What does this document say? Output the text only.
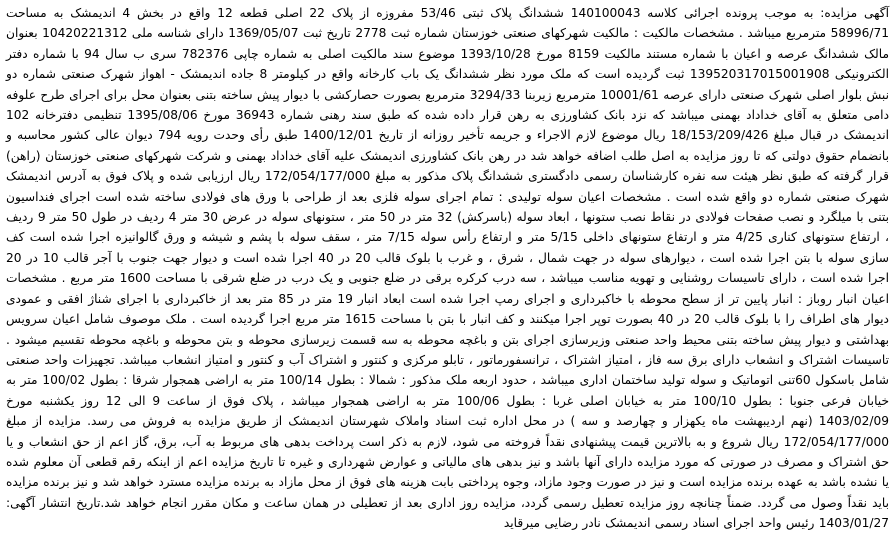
آگهی مزایده: به موجب پرونده اجرائی کلاسه 140100043 ششدانگ پلاک ثبتی 53/46 مفروزه از پلاک 22 اصلی قطعه 12 واقع در بخش 4 اندیمشک به مساحت 58996/71 مترمربع میباشد . مشخصات مالکیت : مالکیت شهرکهای صنعتی خوزستان شماره ثبت 2778 تاریخ ثبت 1369/05/07 دارای شناسه ملی 10420221312 بعنوان مالک ششدانگ عرصه و اعیان با شماره مستند مالکیت 8159 مورخ 1393/10/28 موضوع سند مالکیت اصلی به شماره چاپی 782376 سری ب سال 94 با شماره دفتر الکترونیکی 139520317015001908 ثبت گردیده است که ملک مورد نظر ششدانگ یک باب کارخانه واقع در کیلومتر 8 جاده اندیمشک - اهواز شهرک صنعتی شماره دو نبش بلوار اصلی شهرک صنعتی دارای عرصه 10001/61 مترمربع زیربنا 3294/33 مترمربع بصورت حصارکشی با دیوار پیش ساخته بتنی بعنوان محل برای اجرای طرح علوفه دامی متعلق به آقای خداداد بهمنی میباشد که نزد بانک کشاورزی به رهن قرار داده شده که طبق سند رهنی شماره 36943 مورخ 1395/08/06 تنظیمی دفترخانه 102 اندیمشک در قبال مبلغ 18/153/209/426 ریال موضوع لازم الاجراء و جریمه تأخیر روزانه از تاریخ 1400/12/01 طبق رأی وحدت رویه 794 دیوان عالی کشور محاسبه و بانضمام حقوق دولتی که تا روز مزایده به اصل طلب اضافه خواهد شد در رهن بانک کشاورزی اندیمشک علیه آقای خداداد بهمنی و شرکت شهرکهای صنعتی خوزستان (راهن) قرار گرفته که طبق نظر هیئت سه نفره کارشناسان رسمی دادگستری ششدانگ پلاک مذکور به مبلغ 172/054/177/000 ریال ارزیابی شده و پلاک فوق به آدرس اندیمشک شهرک صنعتی شماره دو واقع شده است . مشخصات اعیان سوله تولیدی : تمام اجرای سوله فلزی بعد از طراحی با ورق های فولادی ساخته شده است اجرای فنداسیون بتنی با میلگرد و نصب صفحات فولادی در نقاط نصب ستونها ، ابعاد سوله (باسرکش) 32 متر در 50 متر ، ستونهای سوله در عرض 30 متر 4 ردیف در طول 50 متر 9 ردیف ، ارتفاع ستونهای کناری 4/25 متر و ارتفاع ستونهای داخلی 5/15 متر و ارتفاع رأس سوله 7/15 متر ، سقف سوله با پشم و شیشه و ورق گالوانیزه اجرا شده است کف سازی سوله با بتن اجرا شده است ، دیوارهای سوله در جهت شمال ، شرق ، و غرب با بلوک قالب 20 در 40 اجرا شده است و دیوار جهت جنوب با آجر قالب 10 در 20 اجرا شده است ، دارای تاسیسات روشنایی و تهویه مناسب میباشد ، سه درب کرکره برقی در ضلع جنوبی و یک درب در ضلع شرقی با مساحت 1600 متر مربع . مشخصات اعیان انبار روباز : انبار پایین تر از سطح محوطه با خاکبرداری و اجرای رمپ اجرا شده است ابعاد انبار 19 متر در 85 متر بعد از خاکبرداری با اجرای شناژ افقی و عمودی دیوار های اطراف را با بلوک قالب 20 در 40 بصورت توپر اجرا میکنند و کف انبار با بتن با مساحت 1615 متر مربع اجرا گردیده است . ملک موصوف شامل اعیان سرویس بهداشتی و دیوار پیش ساخته بتنی محیط واحد صنعتی وزیرسازی اجرای بتن و باغچه محوطه به سه قسمت زیرسازی محوطه و بتن محوطه و باغچه محوطه تقسیم میشود . تاسیسات اشتراک و انشعاب دارای برق سه فاز ، امتیاز اشتراک ، ترانسفورماتور ، تابلو مرکزی و کنتور و اشتراک آب و کنتور و امتیاز انشعاب میباشد. تجهیزات واحد صنعتی شامل باسکول 60تنی اتوماتیک و سوله تولید ساختمان اداری میباشد ، حدود اربعه ملک مذکور : شمالا : بطول 100/14 متر به اراضی همجوار شرقا : بطول 100/02 متر به خیابان فرعی جنوبا : بطول 100/10 متر به خیابان اصلی غربا : بطول 100/06 متر به اراضی همجوار میباشد ، پلاک فوق از ساعت 9 الی 12 روز یکشنبه مورخ 1403/02/09 (نهم اردیبهشت ماه یکهزار و چهارصد و سه ) در محل اداره ثبت اسناد واملاک شهرستان اندیمشک از طریق مزایده به فروش می رسد. مزایده از مبلغ 172/054/177/000 ریال شروع و به بالاترین قیمت پیشنهادی نقداً فروخته می شود، لازم به ذکر است پرداخت بدهی های مربوط به آب، برق، گاز اعم از حق انشعاب و یا حق اشتراک و مصرف در صورتی که مورد مزایده دارای آنها باشد و نیز بدهی های مالیاتی و عوارض شهرداری و غیره تا تاریخ مزایده اعم از اینکه رقم قطعی آن معلوم شده یا نشده باشد به عهده برنده مزایده است و نیز در صورت وجود مازاد، وجوه پرداختی بابت هزینه های فوق از محل مازاد به برنده مزایده مسترد خواهد شد و نیز برنده مزایده باید نقداً وصول می گردد. ضمناً چنانچه روز مزایده تعطیل رسمی گردد، مزایده روز اداری بعد از تعطیلی در همان ساعت و مکان مقرر انجام خواهد شد.تاریخ انتشار آگهی: 1403/01/27 رئیس واحد اجرای اسناد رسمی اندیمشک نادر رضایی میرقاید
